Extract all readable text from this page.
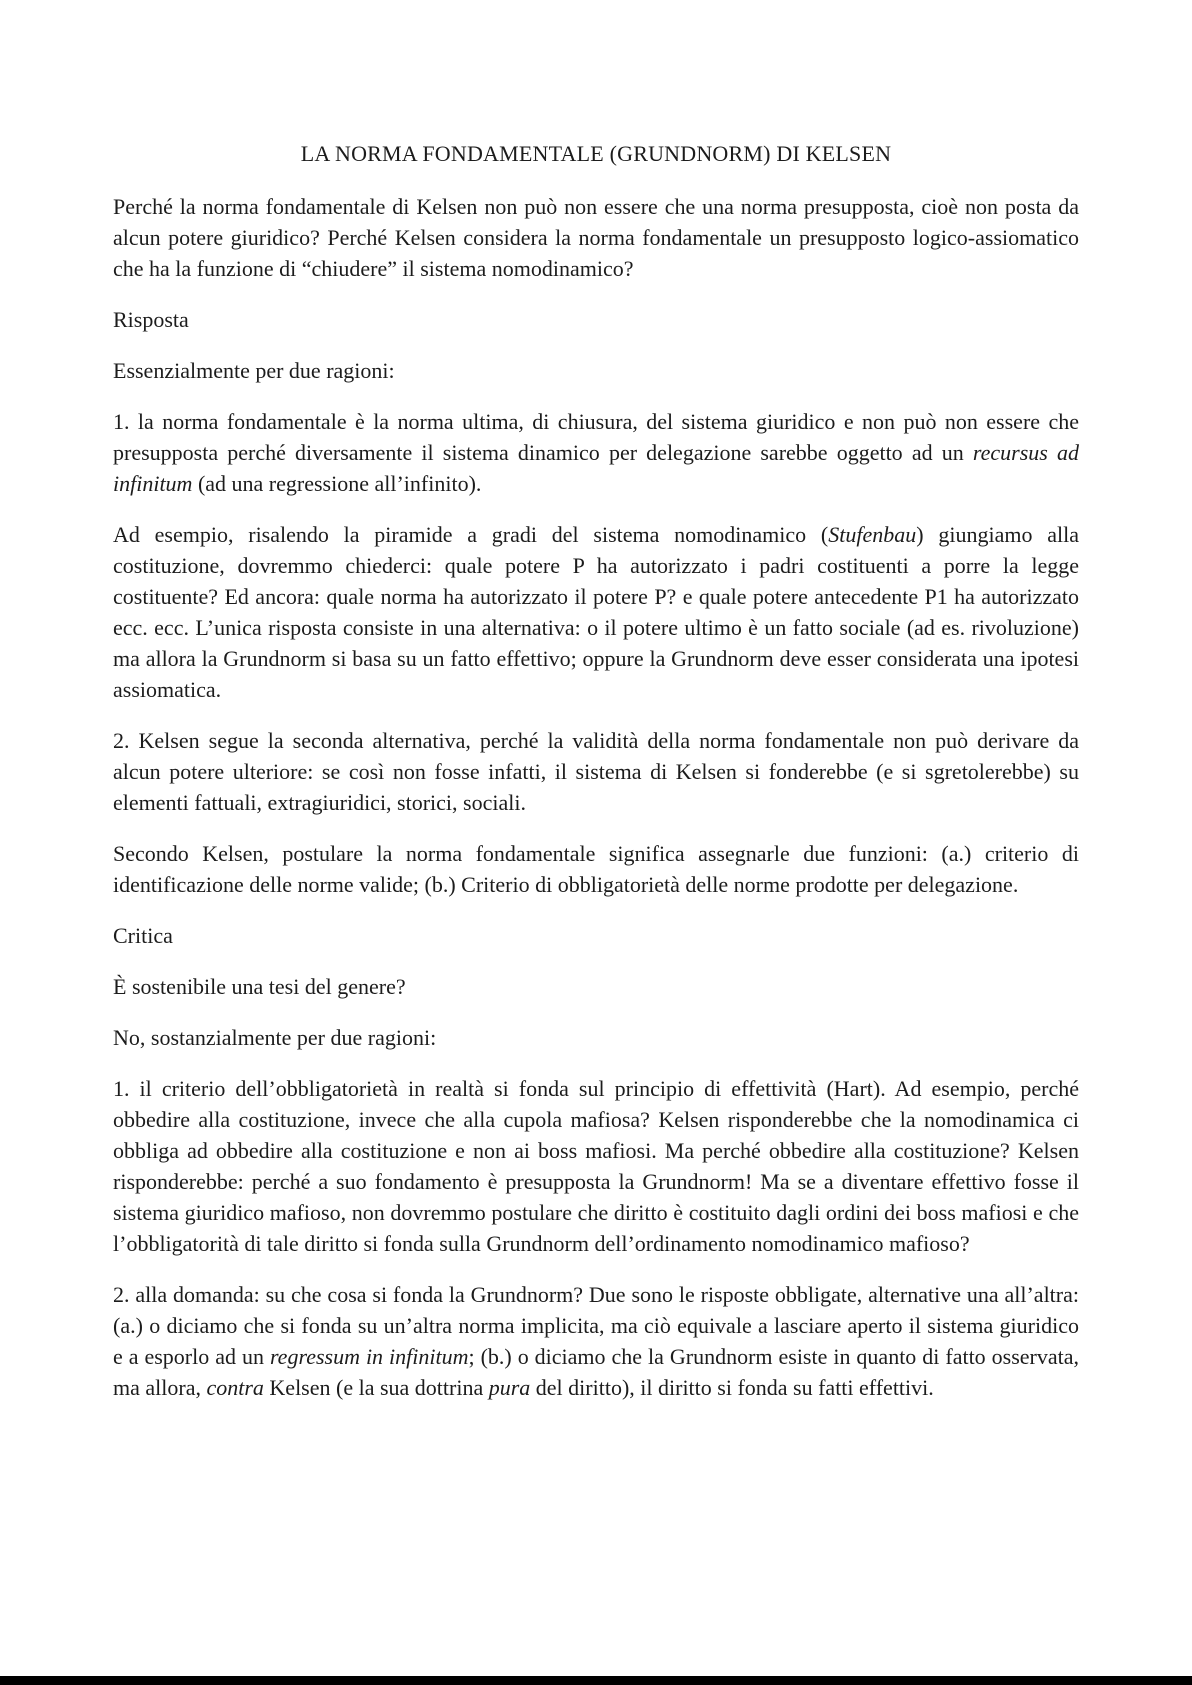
LA NORMA FONDAMENTALE (GRUNDNORM) DI KELSEN

Perché la norma fondamentale di Kelsen non può non essere che una norma presupposta, cioè non posta da alcun potere giuridico? Perché Kelsen considera la norma fondamentale un presupposto logico-assiomatico che ha la funzione di “chiudere” il sistema nomodinamico?

Risposta

Essenzialmente per due ragioni:

1. la norma fondamentale è la norma ultima, di chiusura, del sistema giuridico e non può non essere che presupposta perché diversamente il sistema dinamico per delegazione sarebbe oggetto ad un recursus ad infinitum (ad una regressione all’infinito).

Ad esempio, risalendo la piramide a gradi del sistema nomodinamico (Stufenbau) giungiamo alla costituzione, dovremmo chiederci: quale potere P ha autorizzato i padri costituenti a porre la legge costituente? Ed ancora: quale norma ha autorizzato il potere P? e quale potere antecedente P1 ha autorizzato ecc. ecc. L’unica risposta consiste in una alternativa: o il potere ultimo è un fatto sociale (ad es. rivoluzione) ma allora la Grundnorm si basa su un fatto effettivo; oppure la Grundnorm deve esser considerata una ipotesi assiomatica.

2. Kelsen segue la seconda alternativa, perché la validità della norma fondamentale non può derivare da alcun potere ulteriore: se così non fosse infatti, il sistema di Kelsen si fonderebbe (e si sgretolerebbe) su elementi fattuali, extragiuridici, storici, sociali.

Secondo Kelsen, postulare la norma fondamentale significa assegnarle due funzioni: (a.) criterio di identificazione delle norme valide; (b.) Criterio di obbligatorietà delle norme prodotte per delegazione.

Critica

È sostenibile una tesi del genere?

No, sostanzialmente per due ragioni:

1. il criterio dell’obbligatorietà in realtà si fonda sul principio di effettività (Hart). Ad esempio, perché obbedire alla costituzione, invece che alla cupola mafiosa? Kelsen risponderebbe che la nomodinamica ci obbliga ad obbedire alla costituzione e non ai boss mafiosi. Ma perché obbedire alla costituzione? Kelsen risponderebbe: perché a suo fondamento è presupposta la Grundnorm! Ma se a diventare effettivo fosse il sistema giuridico mafioso, non dovremmo postulare che diritto è costituito dagli ordini dei boss mafiosi e che l’obbligatorità di tale diritto si fonda sulla Grundnorm dell’ordinamento nomodinamico mafioso?

2. alla domanda: su che cosa si fonda la Grundnorm? Due sono le risposte obbligate, alternative una all’altra: (a.) o diciamo che si fonda su un’altra norma implicita, ma ciò equivale a lasciare aperto il sistema giuridico e a esporlo ad un regressum in infinitum; (b.) o diciamo che la Grundnorm esiste in quanto di fatto osservata, ma allora, contra Kelsen (e la sua dottrina pura del diritto), il diritto si fonda su fatti effettivi.
